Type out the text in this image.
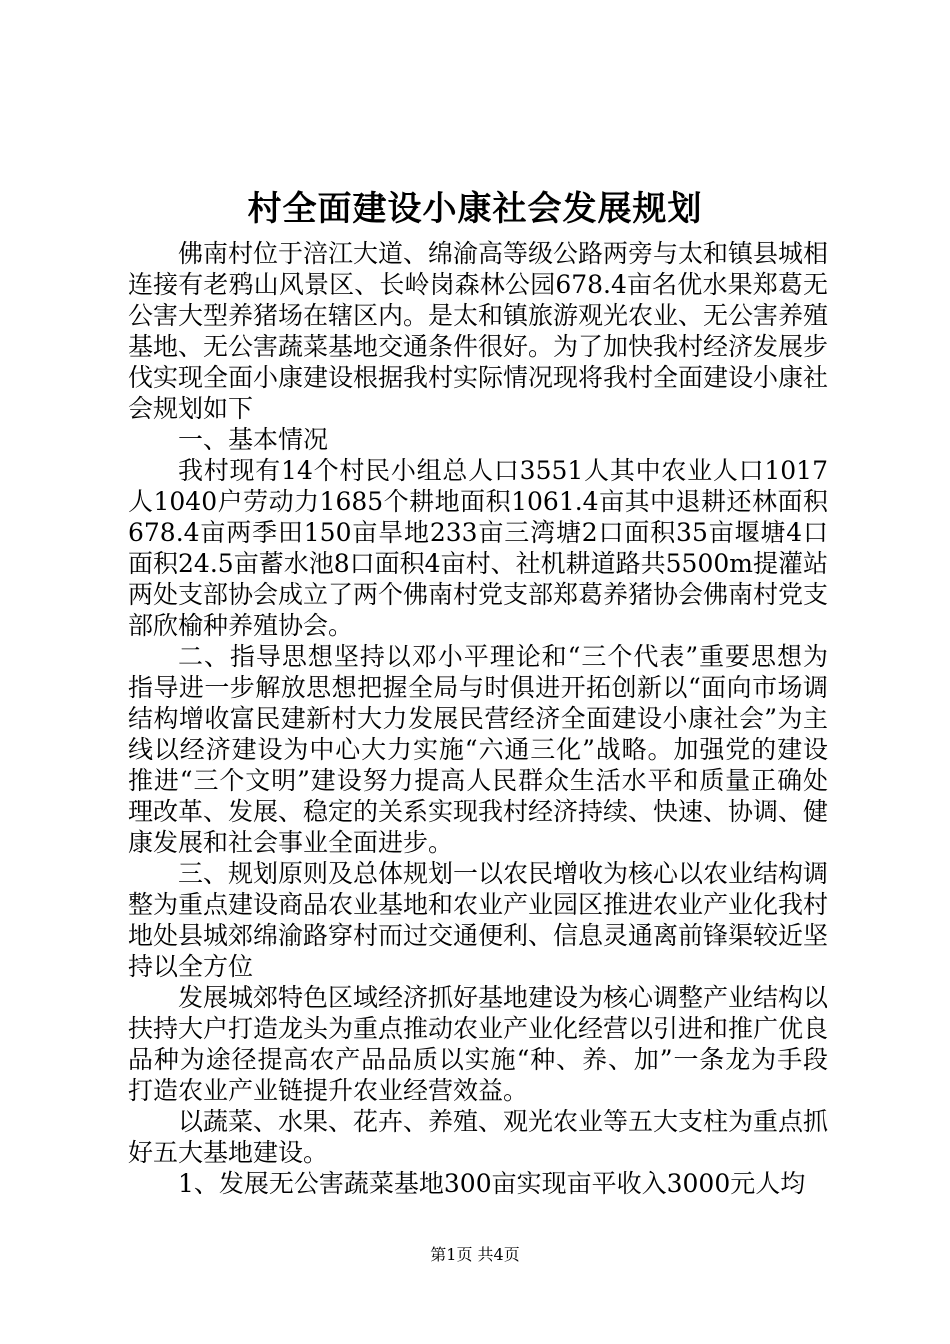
村全面建设小康社会发展规划

佛南村位于涪江大道、绵渝高等级公路两旁与太和镇县城相连接有老鸦山风景区、长岭岗森林公园678.4亩名优水果郑葛无公害大型养猪场在辖区内。是太和镇旅游观光农业、无公害养殖基地、无公害蔬菜基地交通条件很好。为了加快我村经济发展步伐实现全面小康建设根据我村实际情况现将我村全面建设小康社会规划如下

一、基本情况

我村现有14个村民小组总人口3551人其中农业人口1017人1040户劳动力1685个耕地面积1061.4亩其中退耕还林面积678.4亩两季田150亩旱地233亩三湾塘2口面积35亩堰塘4口面积24.5亩蓄水池8口面积4亩村、社机耕道路共5500m提灌站两处支部协会成立了两个佛南村党支部郑葛养猪协会佛南村党支部欣榆种养殖协会。

二、指导思想坚持以邓小平理论和“三个代表”重要思想为指导进一步解放思想把握全局与时俱进开拓创新以“面向市场调结构增收富民建新村大力发展民营经济全面建设小康社会”为主线以经济建设为中心大力实施“六通三化”战略。加强党的建设推进“三个文明”建设努力提高人民群众生活水平和质量正确处理改革、发展、稳定的关系实现我村经济持续、快速、协调、健康发展和社会事业全面进步。

三、规划原则及总体规划一以农民增收为核心以农业结构调整为重点建设商品农业基地和农业产业园区推进农业产业化我村地处县城郊绵渝路穿村而过交通便利、信息灵通离前锋渠较近坚持以全方位

发展城郊特色区域经济抓好基地建设为核心调整产业结构以扶持大户打造龙头为重点推动农业产业化经营以引进和推广优良品种为途径提高农产品品质以实施“种、养、加”一条龙为手段打造农业产业链提升农业经营效益。

以蔬菜、水果、花卉、养殖、观光农业等五大支柱为重点抓好五大基地建设。

1、发展无公害蔬菜基地300亩实现亩平收入3000元人均

第1页 共4页
